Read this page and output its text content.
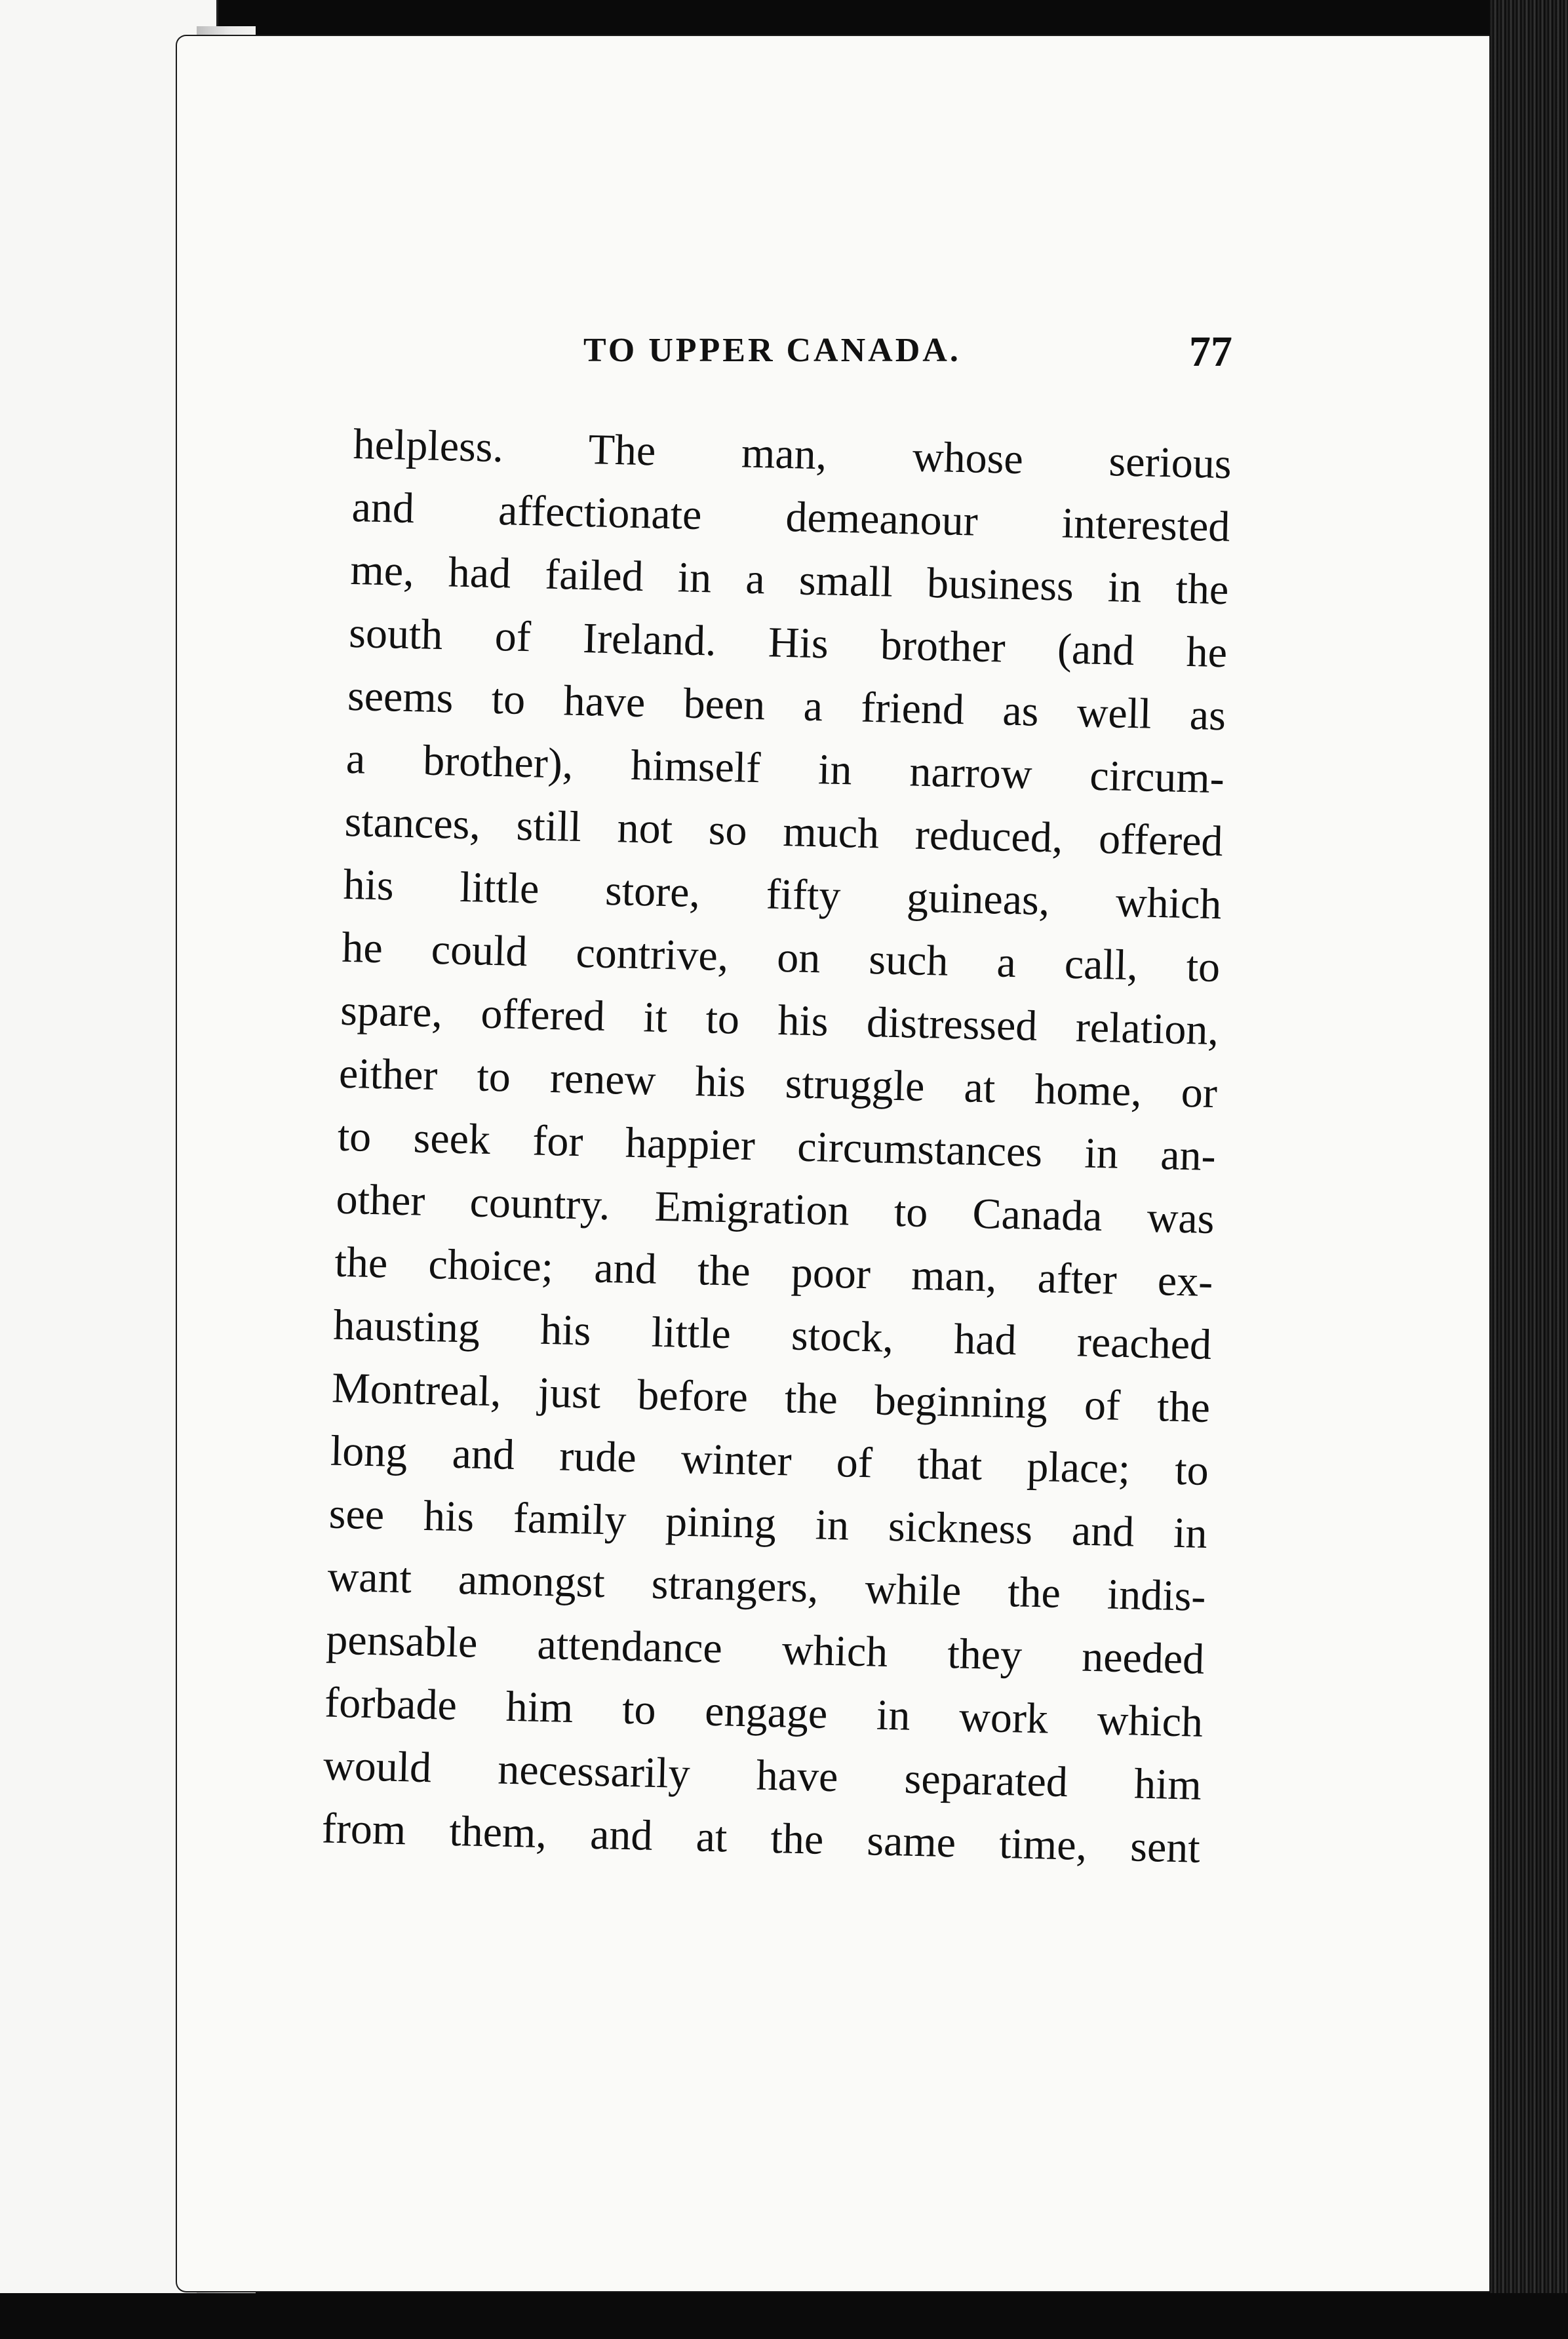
TO UPPER CANADA.	77
helpless. The man, whose serious
and affectionate demeanour interested
me, had failed in a small business in the
south of Ireland. His brother (and he
seems to have been a friend as well as
a brother), himself in narrow circum-
stances, still not so much reduced, offered
his little store, fifty guineas, which
he could contrive, on such a call, to
spare, offered it to his distressed relation,
either to renew his struggle at home, or
to seek for happier circumstances in an-
other country. Emigration to Canada was
the choice; and the poor man, after ex-
hausting his little stock, had reached
Montreal, just before the beginning of the
long and rude winter of that place; to
see his family pining in sickness and in
want amongst strangers, while the indis-
pensable attendance which they needed
forbade him to engage in work which
would necessarily have separated him
from them, and at the same time, sent
